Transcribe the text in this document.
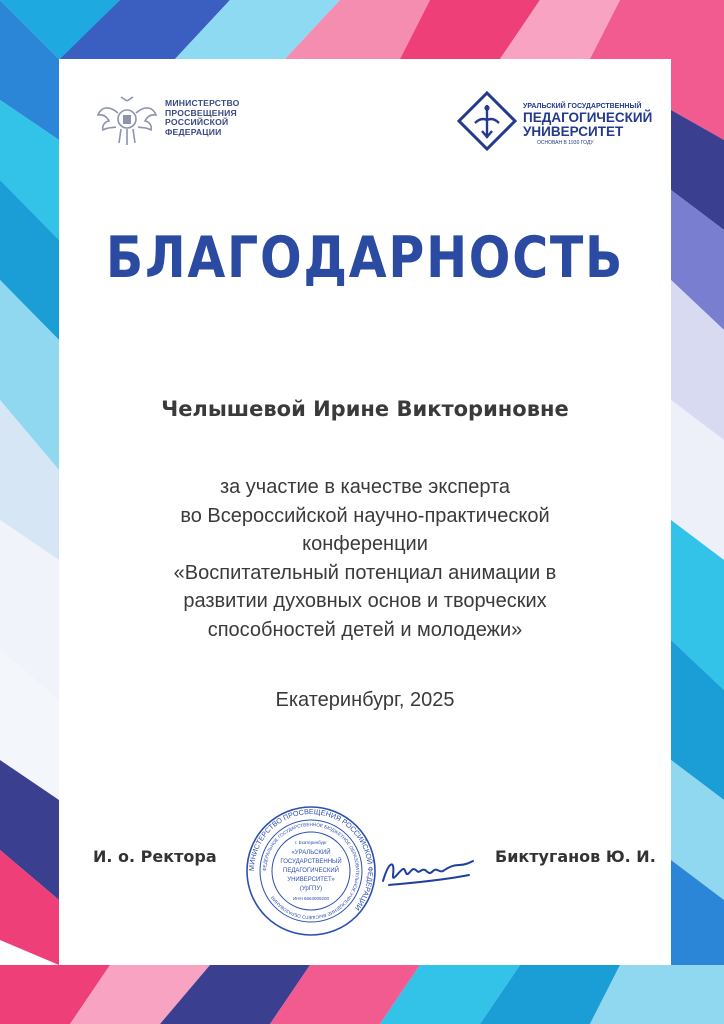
МИНИСТЕРСТВО
ПРОСВЕЩЕНИЯ
РОССИЙСКОЙ
ФЕДЕРАЦИИ
УРАЛЬСКИЙ ГОСУДАРСТВЕННЫЙ
ПЕДАГОГИЧЕСКИЙ
УНИВЕРСИТЕТ
ОСНОВАН В 1930 ГОДУ
БЛАГОДАРНОСТЬ
Челышевой Ирине Викториновне
за участие в качестве эксперта
во Всероссийской научно-практической
конференции
«Воспитательный потенциал анимации в
развитии духовных основ и творческих
способностей детей и молодежи»
Екатеринбург, 2025
И. о. Ректора	Биктуганов Ю. И.
МИНИСТЕРСТВО ПРОСВЕЩЕНИЯ РОССИЙСКОЙ ФЕДЕРАЦИИ
ФЕДЕРАЛЬНОЕ ГОСУДАРСТВЕННОЕ БЮДЖЕТНОЕ ОБРАЗОВАТЕЛЬНОЕ УЧРЕЖДЕНИЕ ВЫСШЕГО ОБРАЗОВАНИЯ
г. Екатеринбург
«УРАЛЬСКИЙ
ГОСУДАРСТВЕННЫЙ
ПЕДАГОГИЧЕСКИЙ
УНИВЕРСИТЕТ»
(УрГПУ)
ИНН 6663009200
